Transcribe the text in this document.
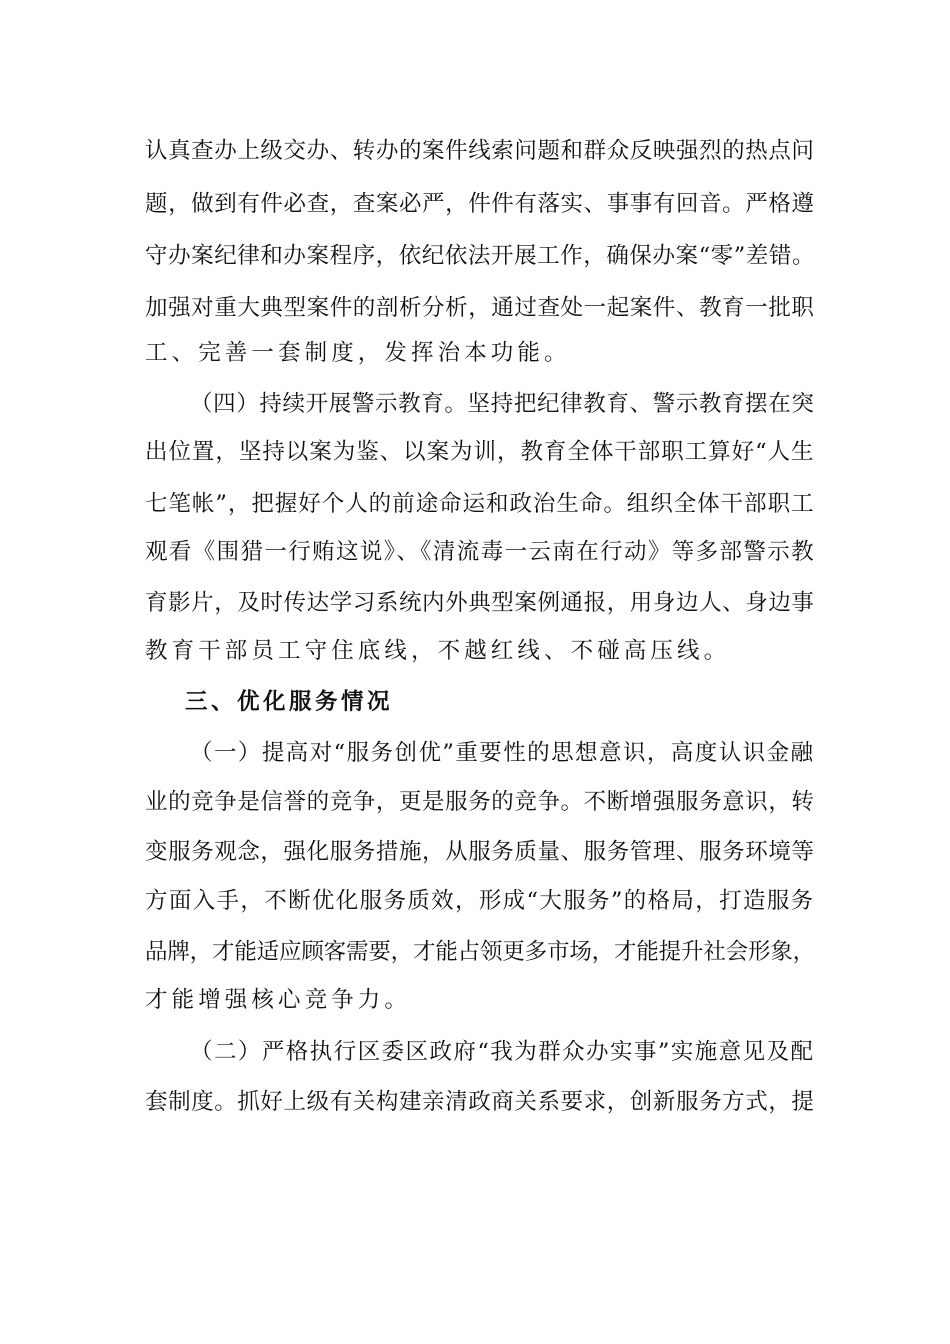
认真查办上级交办、转办的案件线索问题和群众反映强烈的热点问
题，做到有件必查，查案必严，件件有落实、事事有回音。严格遵
守办案纪律和办案程序，依纪依法开展工作，确保办案“零”差错。
加强对重大典型案件的剖析分析，通过查处一起案件、教育一批职
工、完善一套制度，发挥治本功能。
（四）持续开展警示教育。坚持把纪律教育、警示教育摆在突
出位置，坚持以案为鉴、以案为训，教育全体干部职工算好“人生
七笔帐”，把握好个人的前途命运和政治生命。组织全体干部职工
观看《围猎一行贿这说》、《清流毒一云南在行动》等多部警示教
育影片，及时传达学习系统内外典型案例通报，用身边人、身边事
教育干部员工守住底线，不越红线、不碰高压线。
三、优化服务情况
（一）提高对“服务创优”重要性的思想意识，高度认识金融
业的竞争是信誉的竞争，更是服务的竞争。不断增强服务意识，转
变服务观念，强化服务措施，从服务质量、服务管理、服务环境等
方面入手，不断优化服务质效，形成“大服务”的格局，打造服务
品牌，才能适应顾客需要，才能占领更多市场，才能提升社会形象，
才能增强核心竞争力。
（二）严格执行区委区政府“我为群众办实事”实施意见及配
套制度。抓好上级有关构建亲清政商关系要求，创新服务方式，提
